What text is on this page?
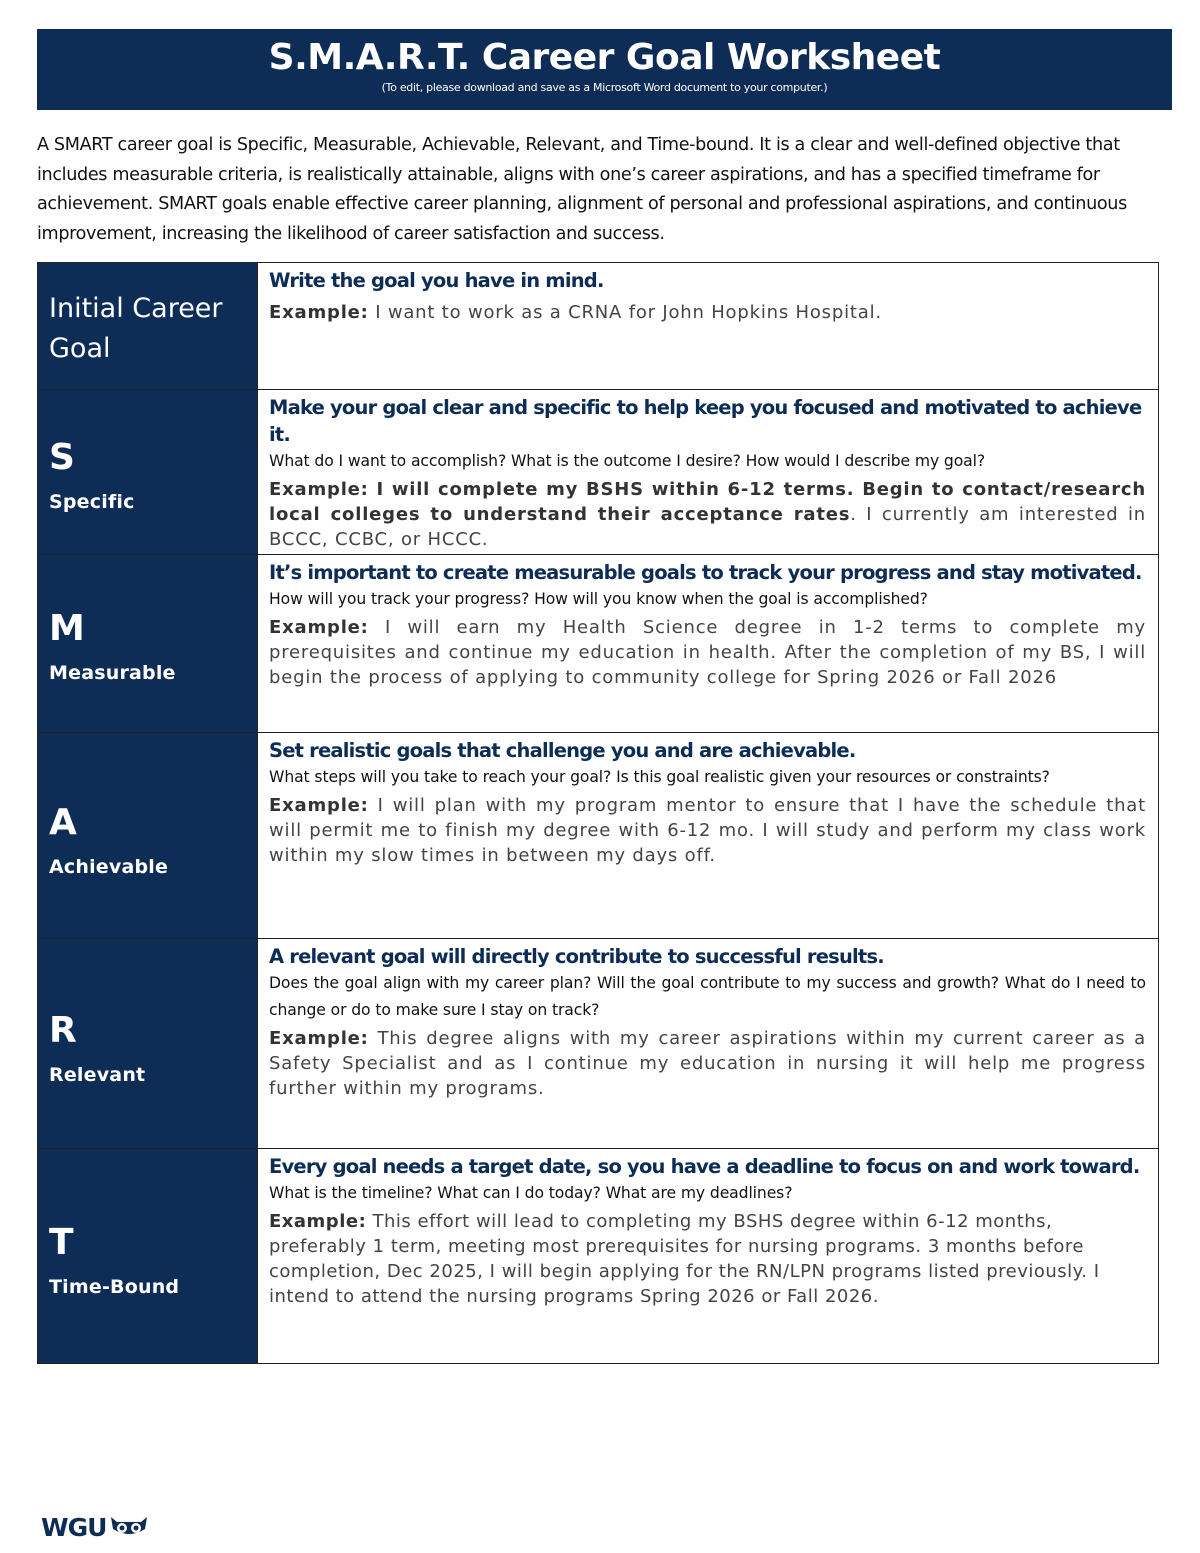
S.M.A.R.T. Career Goal Worksheet
(To edit, please download and save as a Microsoft Word document to your computer.)
A SMART career goal is Specific, Measurable, Achievable, Relevant, and Time-bound. It is a clear and well-defined objective that includes measurable criteria, is realistically attainable, aligns with one’s career aspirations, and has a specified timeframe for achievement. SMART goals enable effective career planning, alignment of personal and professional aspirations, and continuous improvement, increasing the likelihood of career satisfaction and success.
Initial Career Goal
Write the goal you have in mind.
Example: I want to work as a CRNA for John Hopkins Hospital.
S
Specific
Make your goal clear and specific to help keep you focused and motivated to achieve it.
What do I want to accomplish? What is the outcome I desire? How would I describe my goal?
Example: I will complete my BSHS within 6-12 terms. Begin to contact/research local colleges to understand their acceptance rates. I currently am interested in BCCC, CCBC, or HCCC.
M
Measurable
It’s important to create measurable goals to track your progress and stay motivated.
How will you track your progress? How will you know when the goal is accomplished?
Example: I will earn my Health Science degree in 1-2 terms to complete my prerequisites and continue my education in health. After the completion of my BS, I will begin the process of applying to community college for Spring 2026 or Fall 2026
A
Achievable
Set realistic goals that challenge you and are achievable.
What steps will you take to reach your goal? Is this goal realistic given your resources or constraints?
Example: I will plan with my program mentor to ensure that I have the schedule that will permit me to finish my degree with 6-12 mo. I will study and perform my class work within my slow times in between my days off.
R
Relevant
A relevant goal will directly contribute to successful results.
Does the goal align with my career plan? Will the goal contribute to my success and growth? What do I need to change or do to make sure I stay on track?
Example: This degree aligns with my career aspirations within my current career as a Safety Specialist and as I continue my education in nursing it will help me progress further within my programs.
T
Time-Bound
Every goal needs a target date, so you have a deadline to focus on and work toward.
What is the timeline? What can I do today? What are my deadlines?
Example: This effort will lead to completing my BSHS degree within 6-12 months, preferably 1 term, meeting most prerequisites for nursing programs. 3 months before completion, Dec 2025, I will begin applying for the RN/LPN programs listed previously. I intend to attend the nursing programs Spring 2026 or Fall 2026.
WGU
